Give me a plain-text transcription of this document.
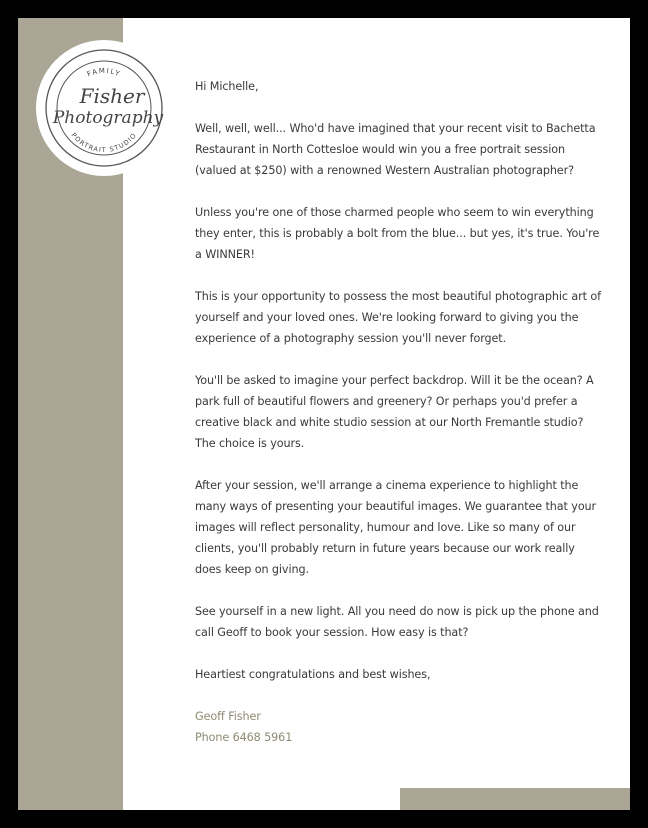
FAMILY
PORTRAIT STUDIO
Fisher
Photography

Hi Michelle,

Well, well, well... Who'd have imagined that your recent visit to Bachetta Restaurant in North Cottesloe would win you a free portrait session (valued at $250) with a renowned Western Australian photographer?

Unless you're one of those charmed people who seem to win everything they enter, this is probably a bolt from the blue... but yes, it's true. You're a WINNER!

This is your opportunity to possess the most beautiful photographic art of yourself and your loved ones. We're looking forward to giving you the experience of a photography session you'll never forget.

You'll be asked to imagine your perfect backdrop. Will it be the ocean? A park full of beautiful flowers and greenery? Or perhaps you'd prefer a creative black and white studio session at our North Fremantle studio? The choice is yours.

After your session, we'll arrange a cinema experience to highlight the many ways of presenting your beautiful images. We guarantee that your images will reflect personality, humour and love. Like so many of our clients, you'll probably return in future years because our work really does keep on giving.

See yourself in a new light. All you need do now is pick up the phone and call Geoff to book your session. How easy is that?

Heartiest congratulations and best wishes,

Geoff Fisher
Phone 6468 5961
